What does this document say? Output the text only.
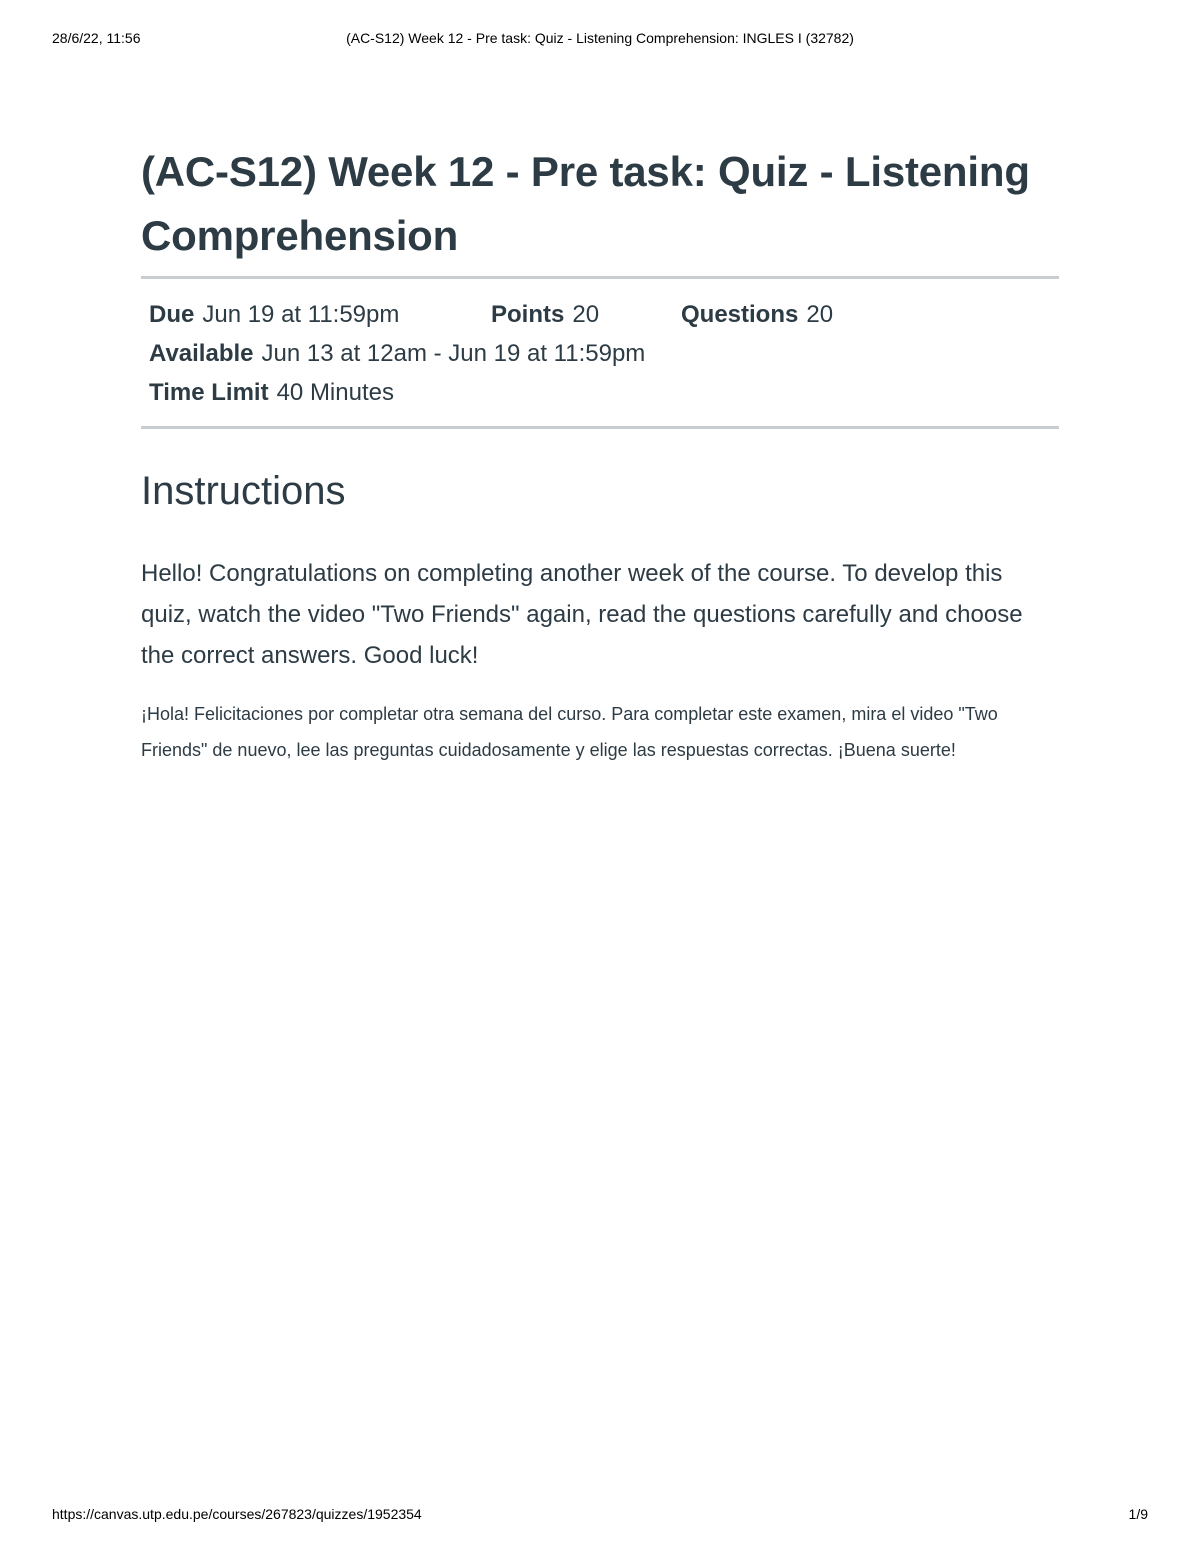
28/6/22, 11:56	(AC-S12) Week 12 - Pre task: Quiz - Listening Comprehension: INGLES I (32782)
(AC-S12) Week 12 - Pre task: Quiz - Listening Comprehension
Due Jun 19 at 11:59pm	Points 20	Questions 20
Available Jun 13 at 12am - Jun 19 at 11:59pm
Time Limit 40 Minutes
Instructions

Hello! Congratulations on completing another week of the course. To develop this quiz, watch the video "Two Friends" again, read the questions carefully and choose the correct answers. Good luck!

¡Hola! Felicitaciones por completar otra semana del curso. Para completar este examen, mira el video "Two Friends" de nuevo, lee las preguntas cuidadosamente y elige las respuestas correctas. ¡Buena suerte!

https://canvas.utp.edu.pe/courses/267823/quizzes/1952354	1/9
